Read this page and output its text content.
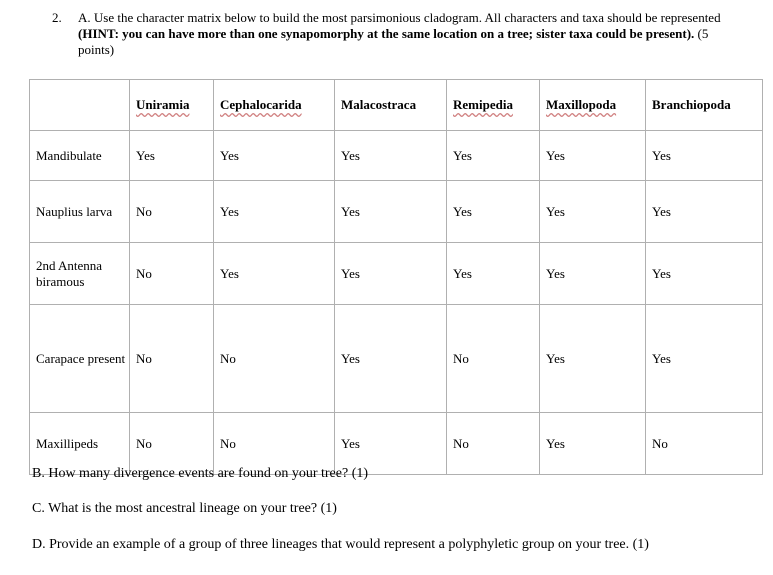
2. A. Use the character matrix below to build the most parsimonious cladogram. All characters and taxa should be represented (HINT: you can have more than one synapomorphy at the same location on a tree; sister taxa could be present). (5 points)
	Uniramia	Cephalocarida	Malacostraca	Remipedia	Maxillopoda	Branchiopoda
Mandibulate	Yes	Yes	Yes	Yes	Yes	Yes
Nauplius larva	No	Yes	Yes	Yes	Yes	Yes
2nd Antenna biramous	No	Yes	Yes	Yes	Yes	Yes
Carapace present	No	No	Yes	No	Yes	Yes
Maxillipeds	No	No	Yes	No	Yes	No
B. How many divergence events are found on your tree? (1)
C. What is the most ancestral lineage on your tree? (1)
D. Provide an example of a group of three lineages that would represent a polyphyletic group on your tree. (1)
